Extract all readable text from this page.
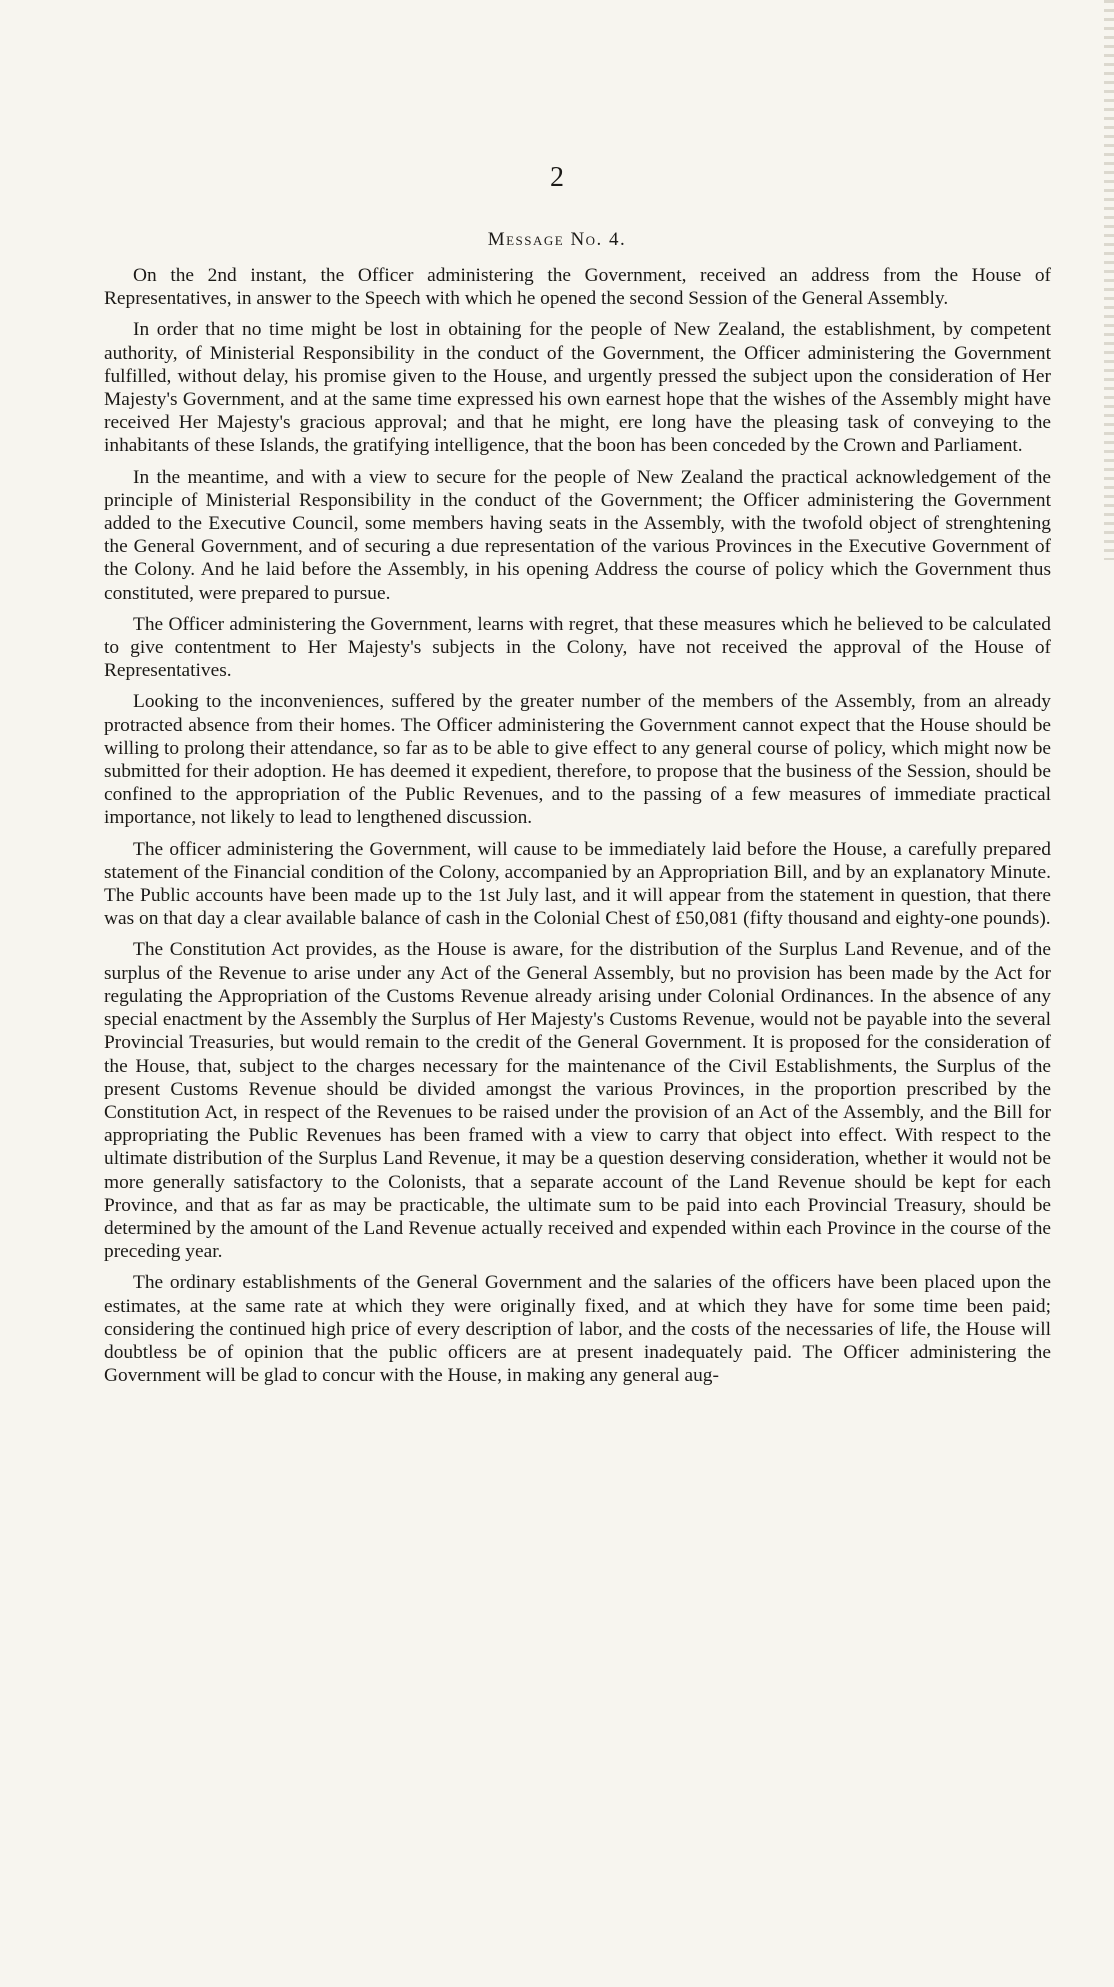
2
Message No. 4.

On the 2nd instant, the Officer administering the Government, received an address from the House of Representatives, in answer to the Speech with which he opened the second Session of the General Assembly.

In order that no time might be lost in obtaining for the people of New Zealand, the establishment, by competent authority, of Ministerial Responsibility in the conduct of the Government, the Officer administering the Government fulfilled, without delay, his promise given to the House, and urgently pressed the subject upon the consideration of Her Majesty's Government, and at the same time expressed his own earnest hope that the wishes of the Assembly might have received Her Majesty's gracious approval; and that he might, ere long have the pleasing task of conveying to the inhabitants of these Islands, the gratifying intelligence, that the boon has been conceded by the Crown and Parliament.

In the meantime, and with a view to secure for the people of New Zealand the practical acknowledgement of the principle of Ministerial Responsibility in the conduct of the Government; the Officer administering the Government added to the Executive Council, some members having seats in the Assembly, with the twofold object of strenghtening the General Government, and of securing a due representation of the various Provinces in the Executive Government of the Colony. And he laid before the Assembly, in his opening Address the course of policy which the Government thus constituted, were prepared to pursue.

The Officer administering the Government, learns with regret, that these measures which he believed to be calculated to give contentment to Her Majesty's subjects in the Colony, have not received the approval of the House of Representatives.

Looking to the inconveniences, suffered by the greater number of the members of the Assembly, from an already protracted absence from their homes. The Officer administering the Government cannot expect that the House should be willing to prolong their attendance, so far as to be able to give effect to any general course of policy, which might now be submitted for their adoption. He has deemed it expedient, therefore, to propose that the business of the Session, should be confined to the appropriation of the Public Revenues, and to the passing of a few measures of immediate practical importance, not likely to lead to lengthened discussion.

The officer administering the Government, will cause to be immediately laid before the House, a carefully prepared statement of the Financial condition of the Colony, accompanied by an Appropriation Bill, and by an explanatory Minute. The Public accounts have been made up to the 1st July last, and it will appear from the statement in question, that there was on that day a clear available balance of cash in the Colonial Chest of £50,081 (fifty thousand and eighty-one pounds).

The Constitution Act provides, as the House is aware, for the distribution of the Surplus Land Revenue, and of the surplus of the Revenue to arise under any Act of the General Assembly, but no provision has been made by the Act for regulating the Appropriation of the Customs Revenue already arising under Colonial Ordinances. In the absence of any special enactment by the Assembly the Surplus of Her Majesty's Customs Revenue, would not be payable into the several Provincial Treasuries, but would remain to the credit of the General Government. It is proposed for the consideration of the House, that, subject to the charges necessary for the maintenance of the Civil Establishments, the Surplus of the present Customs Revenue should be divided amongst the various Provinces, in the proportion prescribed by the Constitution Act, in respect of the Revenues to be raised under the provision of an Act of the Assembly, and the Bill for appropriating the Public Revenues has been framed with a view to carry that object into effect. With respect to the ultimate distribution of the Surplus Land Revenue, it may be a question deserving consideration, whether it would not be more generally satisfactory to the Colonists, that a separate account of the Land Revenue should be kept for each Province, and that as far as may be practicable, the ultimate sum to be paid into each Provincial Treasury, should be determined by the amount of the Land Revenue actually received and expended within each Province in the course of the preceding year.

The ordinary establishments of the General Government and the salaries of the officers have been placed upon the estimates, at the same rate at which they were originally fixed, and at which they have for some time been paid; considering the continued high price of every description of labor, and the costs of the necessaries of life, the House will doubtless be of opinion that the public officers are at present inadequately paid. The Officer administering the Government will be glad to concur with the House, in making any general aug-
